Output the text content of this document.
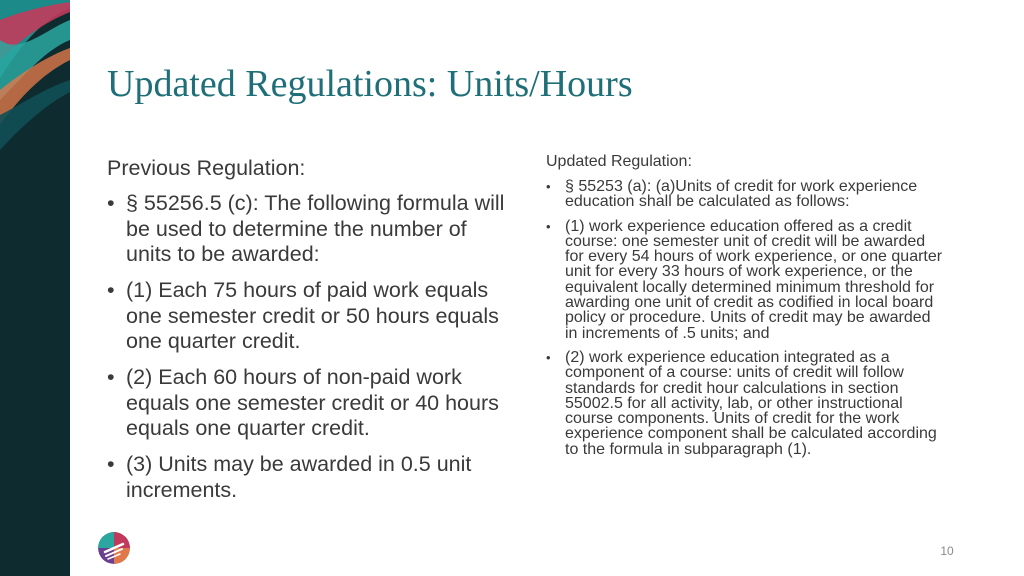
Updated Regulations: Units/Hours

Previous Regulation:

• § 55256.5 (c): The following formula will be used to determine the number of units to be awarded:
• (1) Each 75 hours of paid work equals one semester credit or 50 hours equals one quarter credit.
• (2) Each 60 hours of non-paid work equals one semester credit or 40 hours equals one quarter credit.
• (3) Units may be awarded in 0.5 unit increments.

Updated Regulation:

• § 55253 (a): (a)Units of credit for work experience education shall be calculated as follows:
• (1) work experience education offered as a credit course: one semester unit of credit will be awarded for every 54 hours of work experience, or one quarter unit for every 33 hours of work experience, or the equivalent locally determined minimum threshold for awarding one unit of credit as codified in local board policy or procedure. Units of credit may be awarded in increments of .5 units; and
• (2) work experience education integrated as a component of a course: units of credit will follow standards for credit hour calculations in section 55002.5 for all activity, lab, or other instructional course components. Units of credit for the work experience component shall be calculated according to the formula in subparagraph (1).
10
